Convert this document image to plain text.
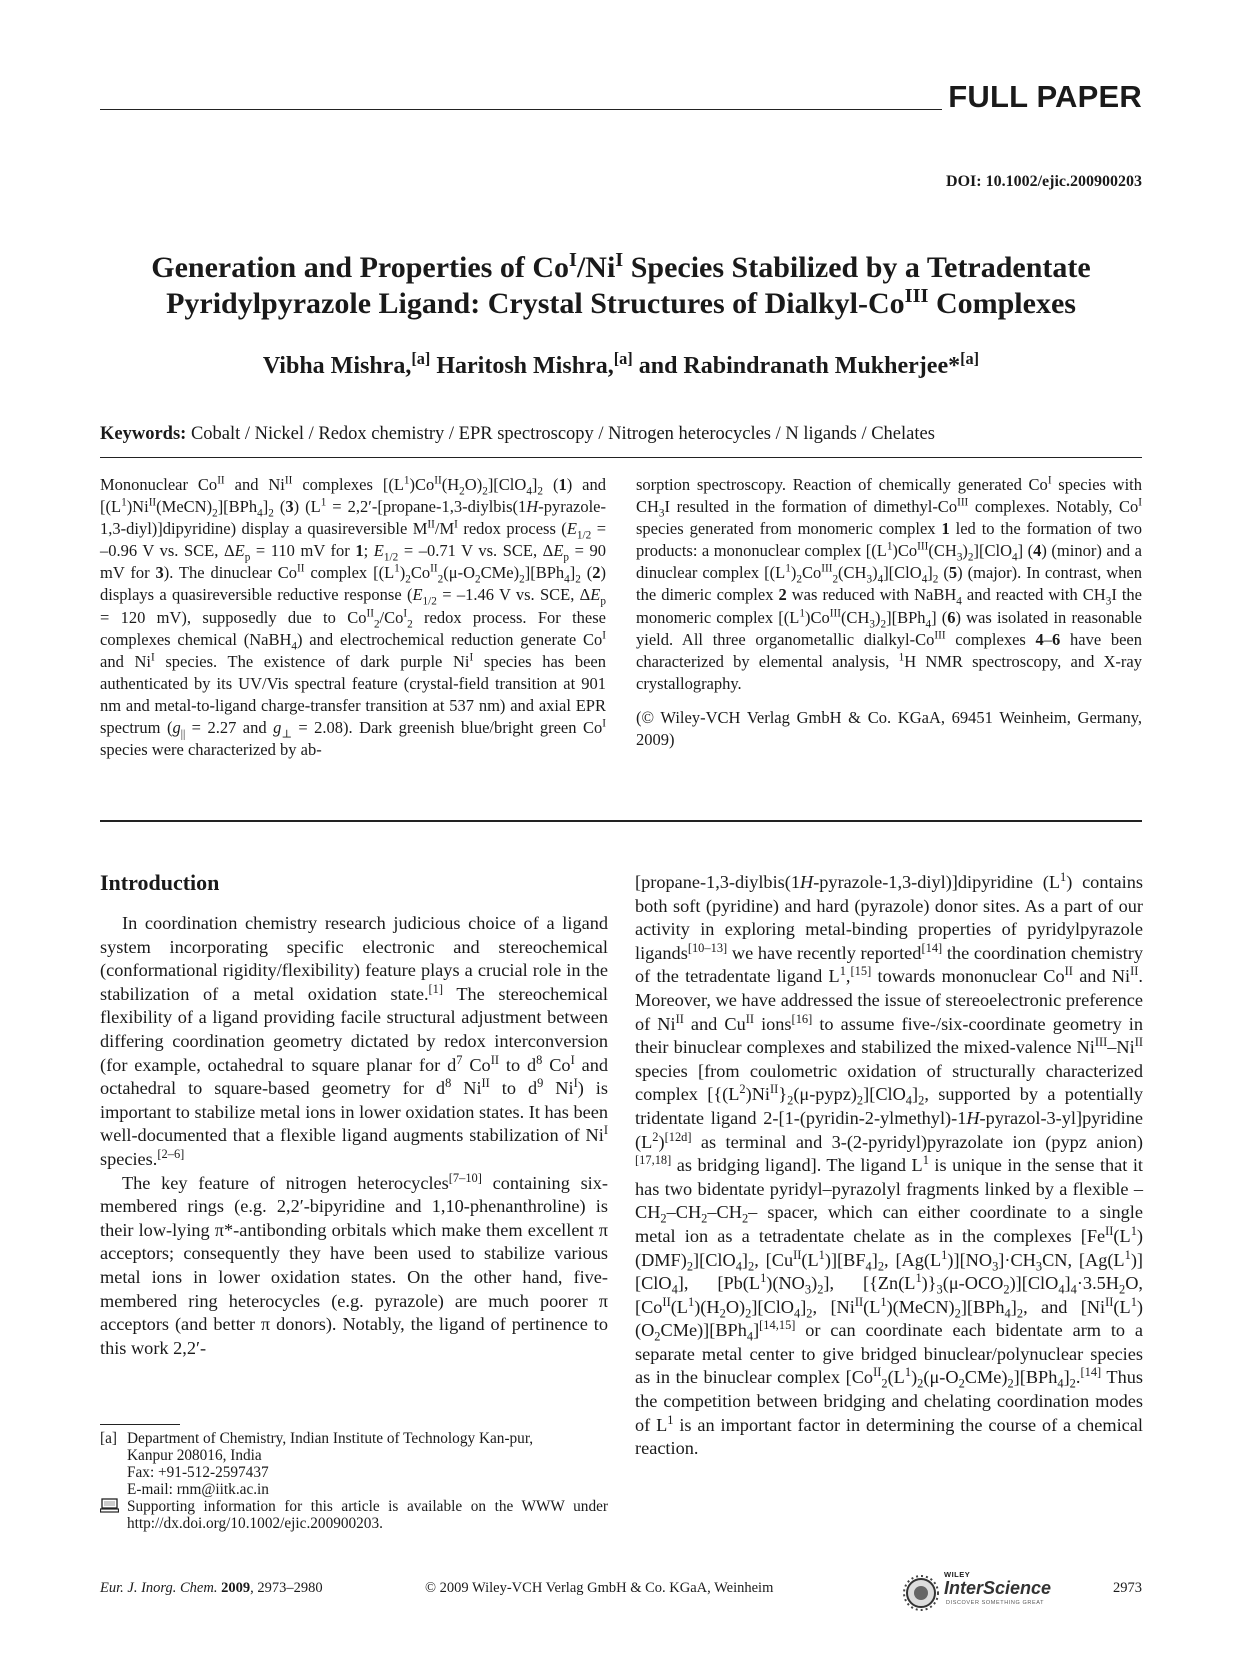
FULL PAPER
DOI: 10.1002/ejic.200900203
Generation and Properties of $Co^I/Ni^I$ Species Stabilized by a Tetradentate
Pyridylpyrazole Ligand: Crystal Structures of Dialkyl-$Co^{III}$ Complexes
Vibha Mishra,[a] Haritosh Mishra,[a] and Rabindranath Mukherjee*[a]
Keywords: Cobalt / Nickel / Redox chemistry / EPR spectroscopy / Nitrogen heterocycles / N ligands / Chelates
Mononuclear $Co^{II}$ and $Ni^{II}$ complexes $[(L^1)Co^{II}(H_2O)_2][ClO_4]_2$ (1) and $[(L^1)Ni^{II}(MeCN)_2][BPh_4]_2$ (3) ($L^1$ = 2,2′-[propane-1,3-diylbis(1H-pyrazole-1,3-diyl)]dipyridine) display a quasireversible $M^{II}/M^I$ redox process ($E_{1/2} = -0.96$ V vs. SCE, $\Delta E_p = 110$ mV for 1; $E_{1/2} = -0.71$ V vs. SCE, $\Delta E_p = 90$ mV for 3). The dinuclear $Co^{II}$ complex $[(L^1)_2Co^{II}_2(\mu-O_2CMe)_2][BPh_4]_2$ (2) displays a quasireversible reductive response ($E_{1/2} = -1.46$ V vs. SCE, $\Delta E_p = 120$ mV), supposedly due to $Co^{II}_2/Co^I_2$ redox process. For these complexes chemical (NaBH$_4$) and electrochemical reduction generate $Co^I$ and $Ni^I$ species. The existence of dark purple $Ni^I$ species has been authenticated by its UV/Vis spectral feature (crystal-field transition at 901 nm and metal-to-ligand charge-transfer transition at 537 nm) and axial EPR spectrum ($g_{||} = 2.27$ and $g_\perp = 2.08$). Dark greenish blue/bright green $Co^I$ species were characterized by ab-
sorption spectroscopy. Reaction of chemically generated $Co^I$ species with $CH_3I$ resulted in the formation of dimethyl-$Co^{III}$ complexes. Notably, $Co^I$ species generated from monomeric complex 1 led to the formation of two products: a mononuclear complex $[(L^1)Co^{III}(CH_3)_2][ClO_4]$ (4) (minor) and a dinuclear complex $[(L^1)_2Co^{III}_2(CH_3)_4][ClO_4]_2$ (5) (major). In contrast, when the dimeric complex 2 was reduced with NaBH$_4$ and reacted with $CH_3I$ the monomeric complex $[(L^1)Co^{III}(CH_3)_2][BPh_4]$ (6) was isolated in reasonable yield. All three organometallic dialkyl-$Co^{III}$ complexes 4–6 have been characterized by elemental analysis, $^1$H NMR spectroscopy, and X-ray crystallography.
(© Wiley-VCH Verlag GmbH & Co. KGaA, 69451 Weinheim, Germany, 2009)
Introduction

In coordination chemistry research judicious choice of a ligand system incorporating specific electronic and stereochemical (conformational rigidity/flexibility) feature plays a crucial role in the stabilization of a metal oxidation state.[1] The stereochemical flexibility of a ligand providing facile structural adjustment between differing coordination geometry dictated by redox interconversion (for example, octahedral to square planar for $d^7$ $Co^{II}$ to $d^8$ $Co^I$ and octahedral to square-based geometry for $d^8$ $Ni^{II}$ to $d^9$ $Ni^I$) is important to stabilize metal ions in lower oxidation states. It has been well-documented that a flexible ligand augments stabilization of $Ni^I$ species.[2–6]

The key feature of nitrogen heterocycles[7–10] containing six-membered rings (e.g. 2,2′-bipyridine and 1,10-phenanthroline) is their low-lying π*-antibonding orbitals which make them excellent π acceptors; consequently they have been used to stabilize various metal ions in lower oxidation states. On the other hand, five-membered ring heterocycles (e.g. pyrazole) are much poorer π acceptors (and better π donors). Notably, the ligand of pertinence to this work 2,2′-

[propane-1,3-diylbis(1H-pyrazole-1,3-diyl)]dipyridine $(L^1)$ contains both soft (pyridine) and hard (pyrazole) donor sites. As a part of our activity in exploring metal-binding properties of pyridylpyrazole ligands[10–13] we have recently reported[14] the coordination chemistry of the tetradentate ligand $L^1,[15]$ towards mononuclear $Co^{II}$ and $Ni^{II}$. Moreover, we have addressed the issue of stereoelectronic preference of $Ni^{II}$ and $Cu^{II}$ ions[16] to assume five-/six-coordinate geometry in their binuclear complexes and stabilized the mixed-valence $Ni^{III}-Ni^{II}$ species [from coulometric oxidation of structurally characterized complex $[\{(L^2)Ni^{II}\}_2(\mu-pypz)_2][ClO_4]_2$, supported by a potentially tridentate ligand 2-[1-(pyridin-2-ylmethyl)-1H-pyrazol-3-yl]pyridine $(L^2)[12d]$ as terminal and 3-(2-pyridyl)pyrazolate ion (pypz anion)[17,18] as bridging ligand]. The ligand $L^1$ is unique in the sense that it has two bidentate pyridyl–pyrazolyl fragments linked by a flexible $-CH_2-CH_2-CH_2-$ spacer, which can either coordinate to a single metal ion as a tetradentate chelate as in the complexes $[Fe^{II}(L^1)(DMF)_2][ClO_4]_2$, $[Cu^{II}(L^1)][BF_4]_2$, $[Ag(L^1)][NO_3]\cdot CH_3CN$, $[Ag(L^1)][ClO_4]$, $[Pb(L^1)(NO_3)_2]$, $[\{Zn(L^1)\}_3(\mu-OCO_2)][ClO_4]_4\cdot 3.5H_2O$, $[Co^{II}(L^1)(H_2O)_2][ClO_4]_2$, $[Ni^{II}(L^1)(MeCN)_2][BPh_4]_2$, and $[Ni^{II}(L^1)(O_2CMe)][BPh_4][14,15]$ or can coordinate each bidentate arm to a separate metal center to give bridged binuclear/polynuclear species as in the binuclear complex $[Co^{II}_2(L^1)_2(\mu-O_2CMe)_2][BPh_4]_2.[14]$ Thus the competition between bridging and chelating coordination modes of $L^1$ is an important factor in determining the course of a chemical reaction.

[a] Department of Chemistry, Indian Institute of Technology Kan-pur,
Kanpur 208016, India
Fax: +91-512-2597437
E-mail: rnm@iitk.ac.in
Supporting information for this article is available on the WWW under http://dx.doi.org/10.1002/ejic.200900203.
Eur. J. Inorg. Chem. 2009, 2973–2980	© 2009 Wiley-VCH Verlag GmbH & Co. KGaA, Weinheim
WILEY
InterScience
DISCOVER SOMETHING GREAT
2973
